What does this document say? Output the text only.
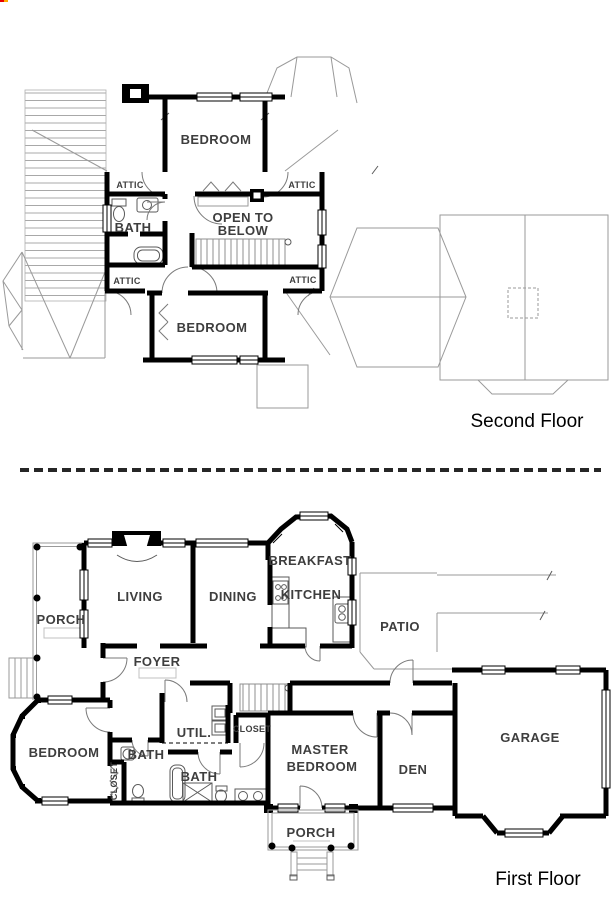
BEDROOM
ATTIC	ATTIC
BATH
OPEN TO
BELOW
ATTIC	ATTIC
BEDROOM
Second Floor
PORCH
LIVING	DINING
BREAKFAST
KITCHEN
PATIO
FOYER
UTIL. CLOSET
CLOSET
BATH
BATH
BEDROOM	MASTER
BEDROOM	DEN
GARAGE
PORCH
First Floor
